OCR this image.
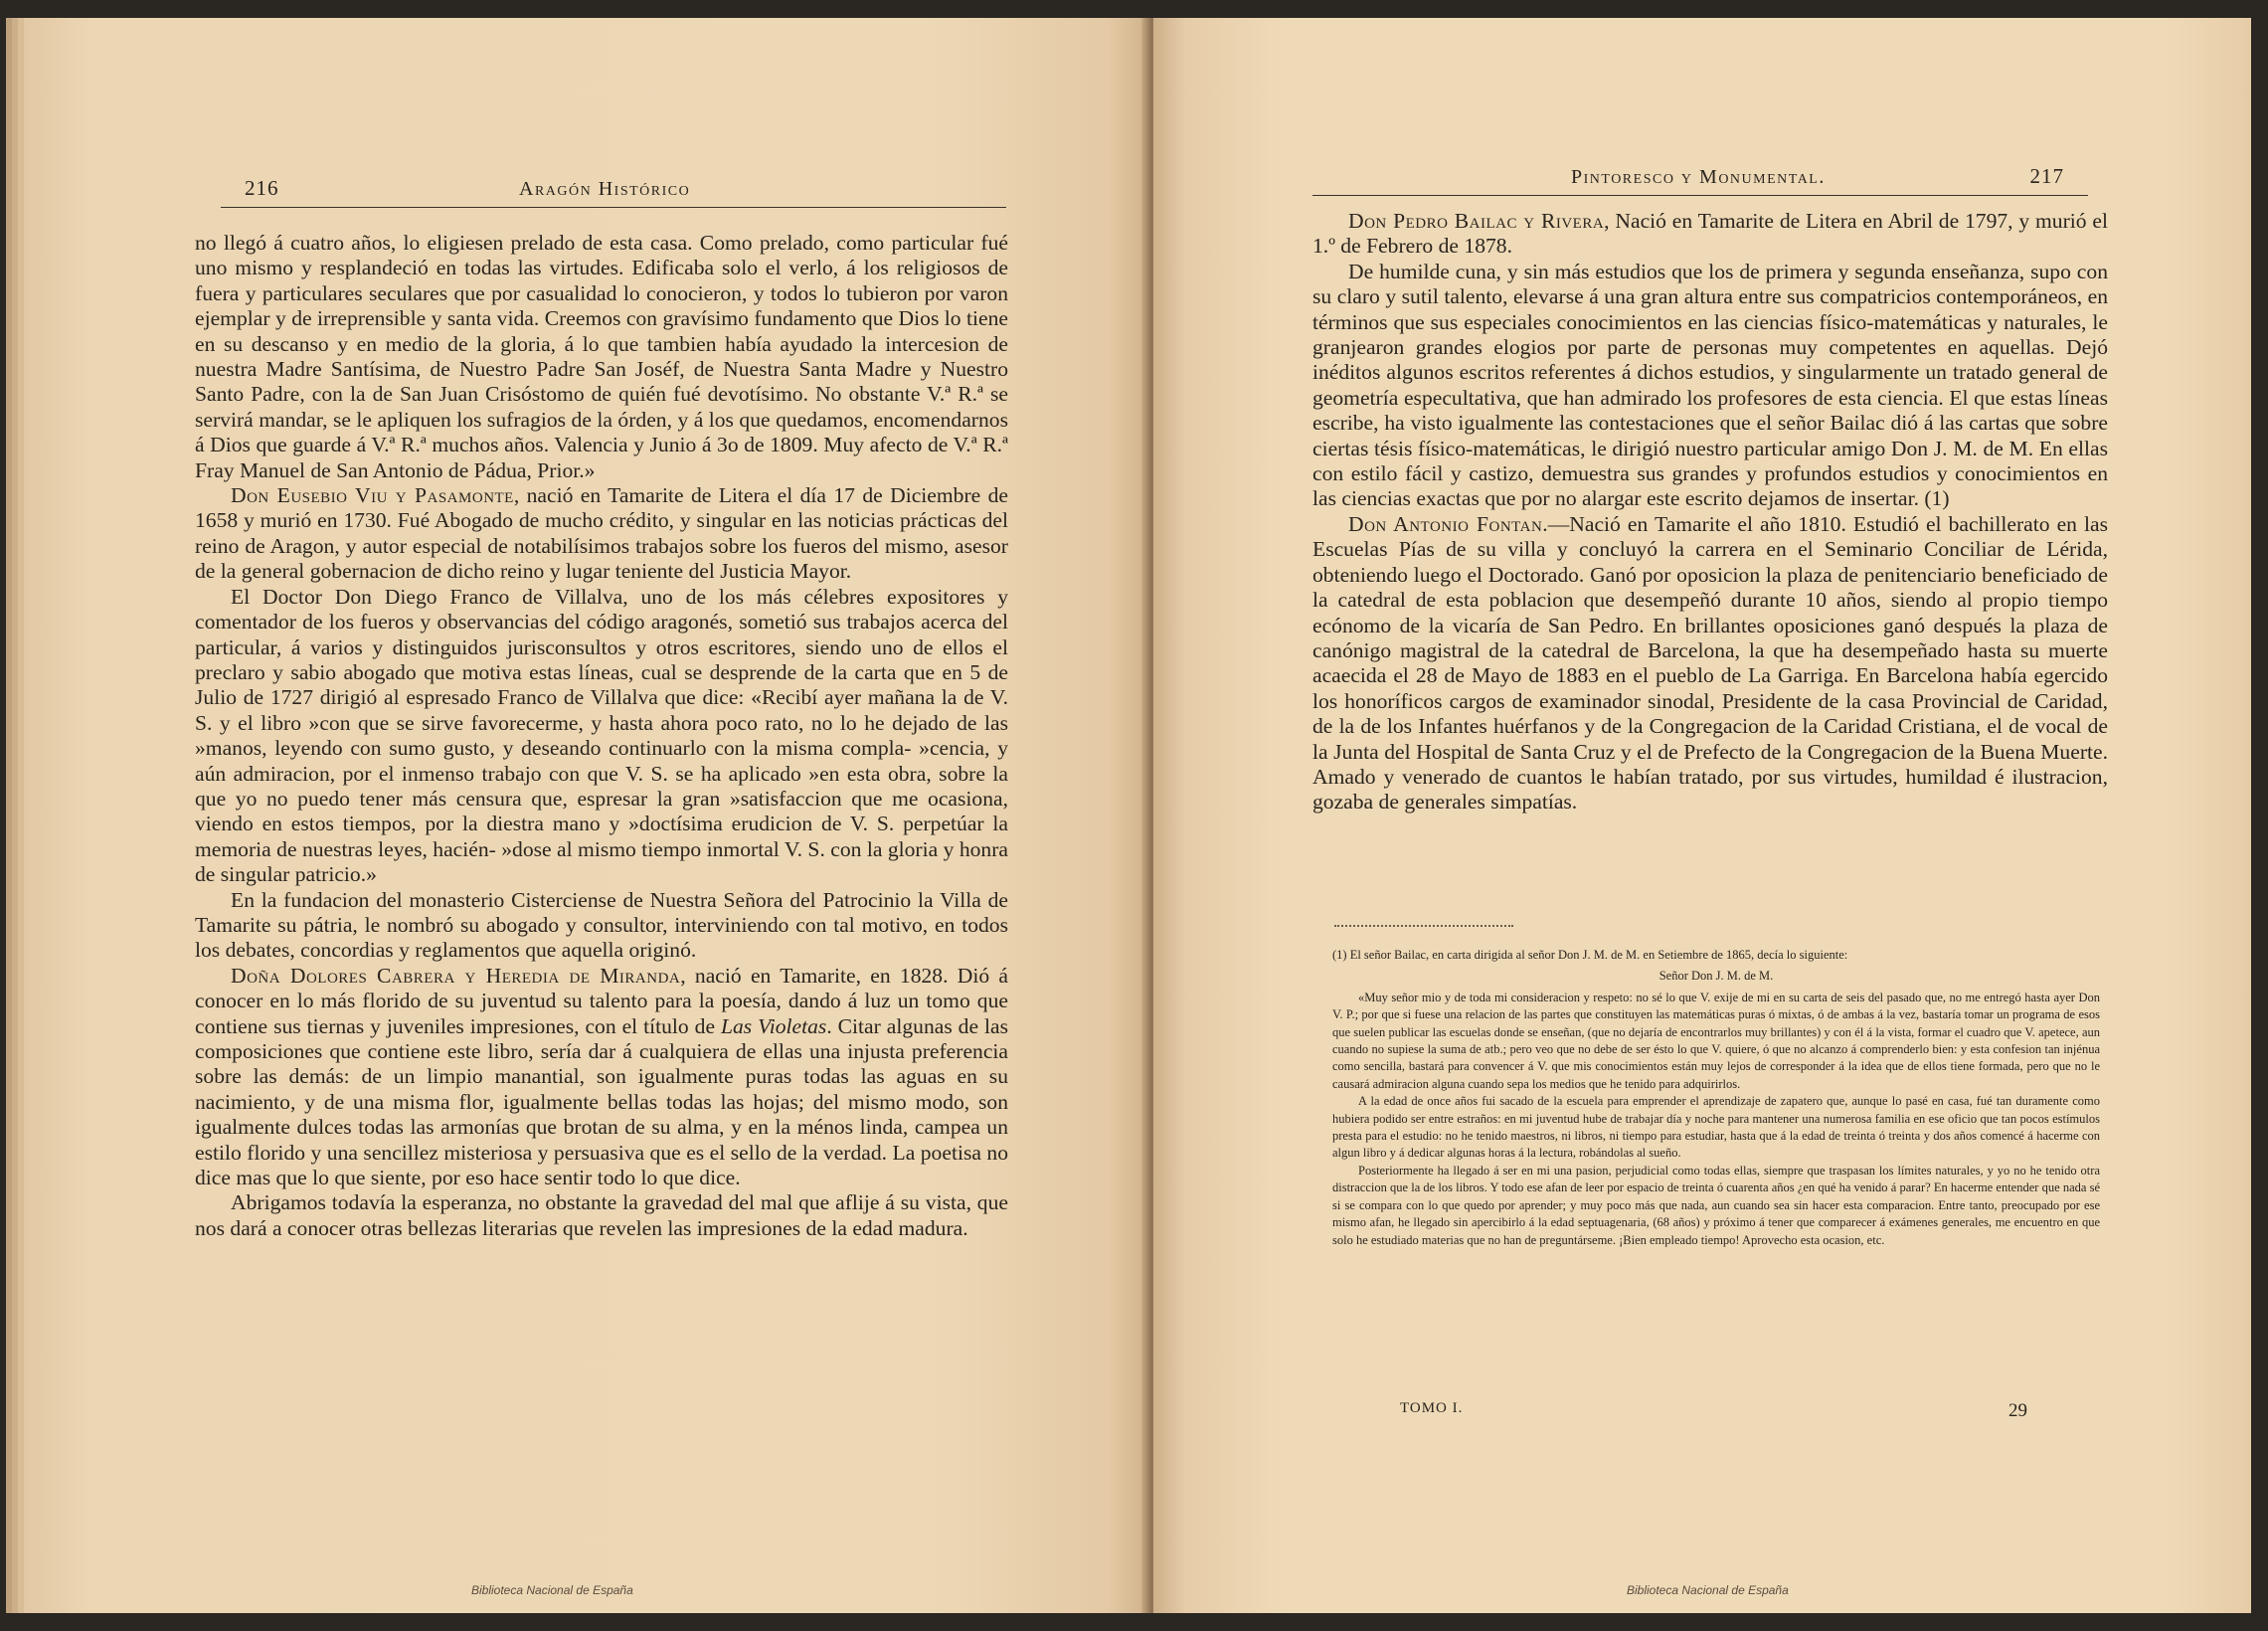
216	Aragón Histórico

no llegó á cuatro años, lo eligiesen prelado de esta casa. Como prelado, como particular fué uno mismo y resplandeció en todas las virtudes. Edificaba solo el verlo, á los religiosos de fuera y particulares seculares que por casualidad lo conocieron, y todos lo tubieron por varon ejemplar y de irreprensible y santa vida. Creemos con gravísimo fundamento que Dios lo tiene en su descanso y en medio de la gloria, á lo que tambien había ayudado la intercesion de nuestra Madre Santísima, de Nuestro Padre San Joséf, de Nuestra Santa Madre y Nuestro Santo Padre, con la de San Juan Crisóstomo de quién fué devotísimo. No obstante V.ª R.ª se servirá mandar, se le apliquen los sufragios de la órden, y á los que quedamos, encomendarnos á Dios que guarde á V.ª R.ª muchos años. Valencia y Junio á 3o de 1809. Muy afecto de V.ª R.ª Fray Manuel de San Antonio de Pádua, Prior.»

Don Eusebio Viu y Pasamonte, nació en Tamarite de Litera el día 17 de Diciembre de 1658 y murió en 1730. Fué Abogado de mucho crédito, y singular en las noticias prácticas del reino de Aragon, y autor especial de notabilísimos trabajos sobre los fueros del mismo, asesor de la general gobernacion de dicho reino y lugar teniente del Justicia Mayor.

El Doctor Don Diego Franco de Villalva, uno de los más célebres expositores y comentador de los fueros y observancias del código aragonés, sometió sus trabajos acerca del particular, á varios y distinguidos jurisconsultos y otros escritores, siendo uno de ellos el preclaro y sabio abogado que motiva estas líneas, cual se desprende de la carta que en 5 de Julio de 1727 dirigió al espresado Franco de Villalva que dice: «Recibí ayer mañana la de V. S. y el libro »con que se sirve favorecerme, y hasta ahora poco rato, no lo he dejado de las »manos, leyendo con sumo gusto, y deseando continuarlo con la misma compla- »cencia, y aún admiracion, por el inmenso trabajo con que V. S. se ha aplicado »en esta obra, sobre la que yo no puedo tener más censura que, espresar la gran »satisfaccion que me ocasiona, viendo en estos tiempos, por la diestra mano y »doctísima erudicion de V. S. perpetúar la memoria de nuestras leyes, hacién- »dose al mismo tiempo inmortal V. S. con la gloria y honra de singular patricio.»

En la fundacion del monasterio Cisterciense de Nuestra Señora del Patrocinio la Villa de Tamarite su pátria, le nombró su abogado y consultor, interviniendo con tal motivo, en todos los debates, concordias y reglamentos que aquella originó.

Doña Dolores Cabrera y Heredia de Miranda, nació en Tamarite, en 1828. Dió á conocer en lo más florido de su juventud su talento para la poesía, dando á luz un tomo que contiene sus tiernas y juveniles impresiones, con el título de Las Violetas. Citar algunas de las composiciones que contiene este libro, sería dar á cualquiera de ellas una injusta preferencia sobre las demás: de un limpio manantial, son igualmente puras todas las aguas en su nacimiento, y de una misma flor, igualmente bellas todas las hojas; del mismo modo, son igualmente dulces todas las armonías que brotan de su alma, y en la ménos linda, campea un estilo florido y una sencillez misteriosa y persuasiva que es el sello de la verdad. La poetisa no dice mas que lo que siente, por eso hace sentir todo lo que dice.

Abrigamos todavía la esperanza, no obstante la gravedad del mal que aflije á su vista, que nos dará a conocer otras bellezas literarias que revelen las impresiones de la edad madura.

Biblioteca Nacional de España
Pintoresco y Monumental.	217

Don Pedro Bailac y Rivera, Nació en Tamarite de Litera en Abril de 1797, y murió el 1.º de Febrero de 1878.

De humilde cuna, y sin más estudios que los de primera y segunda enseñanza, supo con su claro y sutil talento, elevarse á una gran altura entre sus compatricios contemporáneos, en términos que sus especiales conocimientos en las ciencias físico-matemáticas y naturales, le granjearon grandes elogios por parte de personas muy competentes en aquellas. Dejó inéditos algunos escritos referentes á dichos estudios, y singularmente un tratado general de geometría especultativa, que han admirado los profesores de esta ciencia. El que estas líneas escribe, ha visto igualmente las contestaciones que el señor Bailac dió á las cartas que sobre ciertas tésis físico-matemáticas, le dirigió nuestro particular amigo Don J. M. de M. En ellas con estilo fácil y castizo, demuestra sus grandes y profundos estudios y conocimientos en las ciencias exactas que por no alargar este escrito dejamos de insertar. (1)

Don Antonio Fontan.—Nació en Tamarite el año 1810. Estudió el bachillerato en las Escuelas Pías de su villa y concluyó la carrera en el Seminario Conciliar de Lérida, obteniendo luego el Doctorado. Ganó por oposicion la plaza de penitenciario beneficiado de la catedral de esta poblacion que desempeñó durante 10 años, siendo al propio tiempo ecónomo de la vicaría de San Pedro. En brillantes oposiciones ganó después la plaza de canónigo magistral de la catedral de Barcelona, la que ha desempeñado hasta su muerte acaecida el 28 de Mayo de 1883 en el pueblo de La Garriga. En Barcelona había egercido los honoríficos cargos de examinador sinodal, Presidente de la casa Provincial de Caridad, de la de los Infantes huérfanos y de la Congregacion de la Caridad Cristiana, el de vocal de la Junta del Hospital de Santa Cruz y el de Prefecto de la Congregacion de la Buena Muerte. Amado y venerado de cuantos le habían tratado, por sus virtudes, humildad é ilustracion, gozaba de generales simpatías.

(1) El señor Bailac, en carta dirigida al señor Don J. M. de M. en Setiembre de 1865, decía lo siguiente:

Señor Don J. M. de M.

«Muy señor mio y de toda mi consideracion y respeto: no sé lo que V. exije de mi en su carta de seis del pasado que, no me entregó hasta ayer Don V. P.; por que si fuese una relacion de las partes que constituyen las matemáticas puras ó mixtas, ó de ambas á la vez, bastaría tomar un programa de esos que suelen publicar las escuelas donde se enseñan, (que no dejaría de encontrarlos muy brillantes) y con él á la vista, formar el cuadro que V. apetece, aun cuando no supiese la suma de atb.; pero veo que no debe de ser ésto lo que V. quiere, ó que no alcanzo á comprenderlo bien: y esta confesion tan injénua como sencilla, bastará para convencer á V. que mis conocimientos están muy lejos de corresponder á la idea que de ellos tiene formada, pero que no le causará admiracion alguna cuando sepa los medios que he tenido para adquirirlos.

A la edad de once años fui sacado de la escuela para emprender el aprendizaje de zapatero que, aunque lo pasé en casa, fué tan duramente como hubiera podido ser entre estraños: en mi juventud hube de trabajar día y noche para mantener una numerosa familia en ese oficio que tan pocos estímulos presta para el estudio: no he tenido maestros, ni libros, ni tiempo para estudiar, hasta que á la edad de treinta ó treinta y dos años comencé á hacerme con algun libro y á dedicar algunas horas á la lectura, robándolas al sueño.

Posteriormente ha llegado á ser en mi una pasion, perjudicial como todas ellas, siempre que traspasan los límites naturales, y yo no he tenido otra distraccion que la de los libros. Y todo ese afan de leer por espacio de treinta ó cuarenta años ¿en qué ha venido á parar? En hacerme entender que nada sé si se compara con lo que quedo por aprender; y muy poco más que nada, aun cuando sea sin hacer esta comparacion. Entre tanto, preocupado por ese mismo afan, he llegado sin apercibirlo á la edad septuagenaria, (68 años) y próximo á tener que comparecer á exámenes generales, me encuentro en que solo he estudiado materias que no han de preguntárseme. ¡Bien empleado tiempo! Aprovecho esta ocasion, etc.

TOMO I.	29
Biblioteca Nacional de España
